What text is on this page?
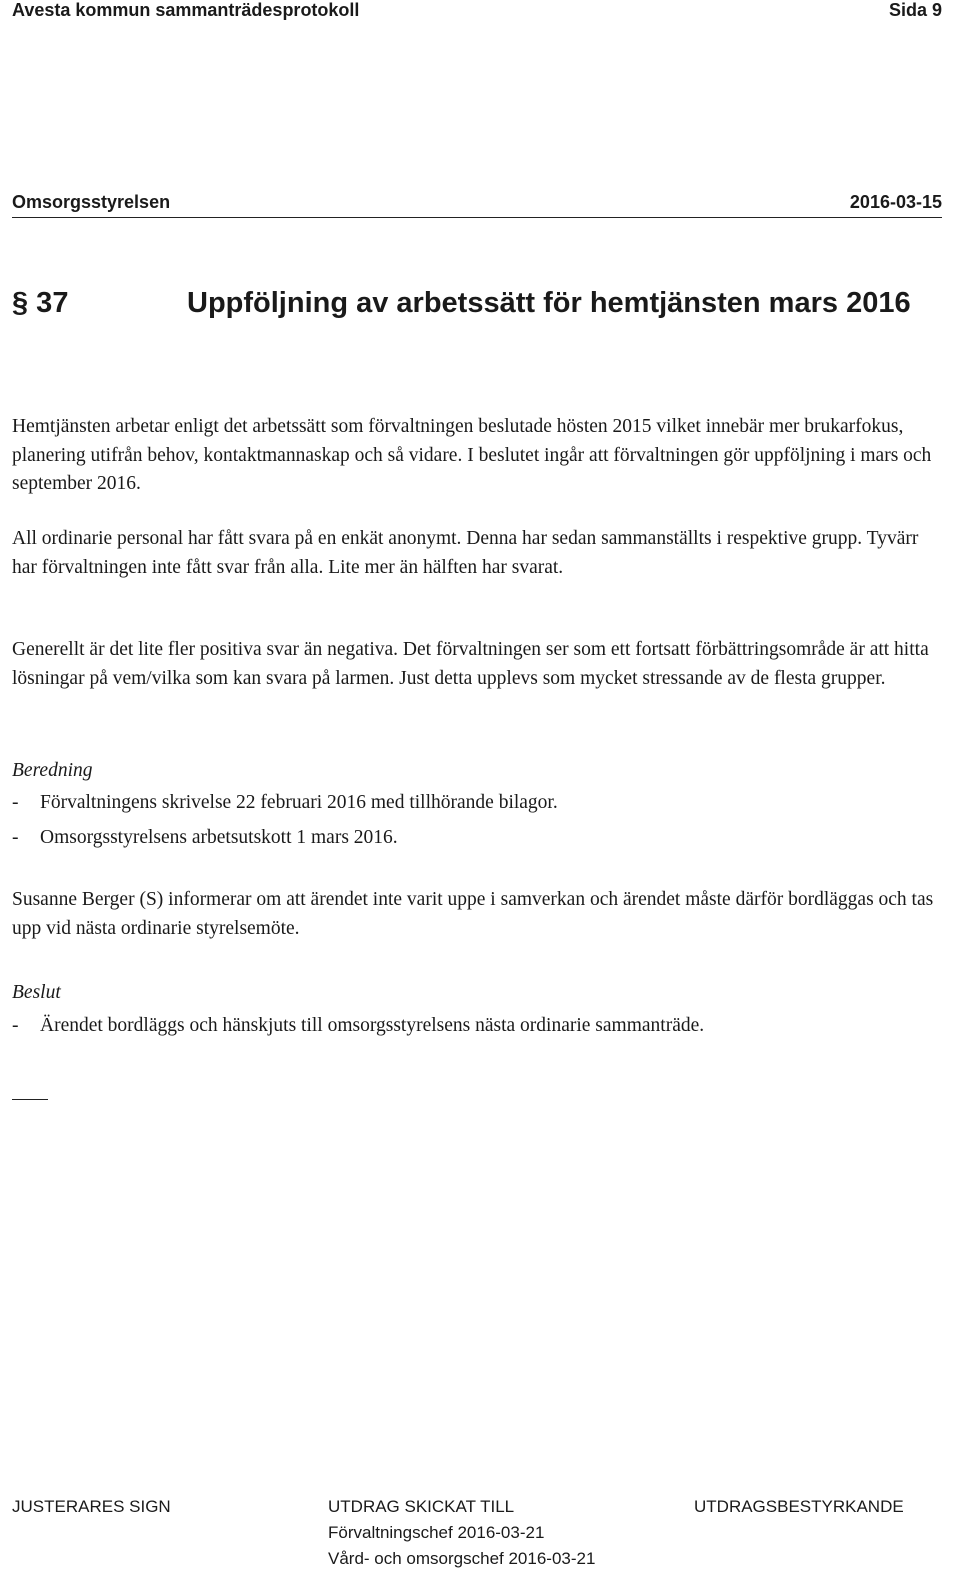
Avesta kommun sammanträdesprotokoll	Sida 9
Omsorgsstyrelsen	2016-03-15
§ 37	Uppföljning av arbetssätt för hemtjänsten mars 2016

Hemtjänsten arbetar enligt det arbetssätt som förvaltningen beslutade hösten 2015 vilket innebär mer brukarfokus, planering utifrån behov, kontaktmannaskap och så vidare. I beslutet ingår att förvaltningen gör uppföljning i mars och september 2016.

All ordinarie personal har fått svara på en enkät anonymt. Denna har sedan sammanställts i respektive grupp. Tyvärr har förvaltningen inte fått svar från alla. Lite mer än hälften har svarat.

Generellt är det lite fler positiva svar än negativa. Det förvaltningen ser som ett fortsatt förbättringsområde är att hitta lösningar på vem/vilka som kan svara på larmen. Just detta upplevs som mycket stressande av de flesta grupper.

Beredning
- Förvaltningens skrivelse 22 februari 2016 med tillhörande bilagor.
- Omsorgsstyrelsens arbetsutskott 1 mars 2016.

Susanne Berger (S) informerar om att ärendet inte varit uppe i samverkan och ärendet måste därför bordläggas och tas upp vid nästa ordinarie styrelsemöte.

Beslut
- Ärendet bordläggs och hänskjuts till omsorgsstyrelsens nästa ordinarie sammanträde.
JUSTERARES SIGN	UTDRAG SKICKAT TILL
Förvaltningschef 2016-03-21
Vård- och omsorgschef 2016-03-21
UTDRAGSBESTYRKANDE
